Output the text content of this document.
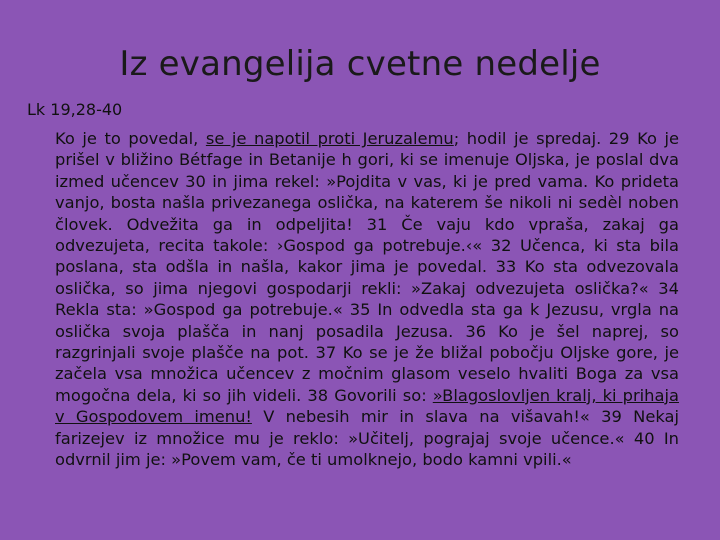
Iz evangelija cvetne nedelje
Lk 19,28-40

Ko je to povedal, se je napotil proti Jeruzalemu; hodil je spredaj. 29 Ko je prišel v bližino Bétfage in Betanije h gori, ki se imenuje Oljska, je poslal dva izmed učencev 30 in jima rekel: »Pojdita v vas, ki je pred vama. Ko prideta vanjo, bosta našla privezanega oslička, na katerem še nikoli ni sedèl noben človek. Odvežita ga in odpeljita! 31 Če vaju kdo vpraša, zakaj ga odvezujeta, recita takole: ›Gospod ga potrebuje.‹« 32 Učenca, ki sta bila poslana, sta odšla in našla, kakor jima je povedal. 33 Ko sta odvezovala oslička, so jima njegovi gospodarji rekli: »Zakaj odvezujeta oslička?« 34 Rekla sta: »Gospod ga potrebuje.« 35 In odvedla sta ga k Jezusu, vrgla na oslička svoja plašča in nanj posadila Jezusa. 36 Ko je šel naprej, so razgrinjali svoje plašče na pot. 37 Ko se je že bližal pobočju Oljske gore, je začela vsa množica učencev z močnim glasom veselo hvaliti Boga za vsa mogočna dela, ki so jih videli. 38 Govorili so: »Blagoslovljen kralj, ki prihaja v Gospodovem imenu! V nebesih mir in slava na višavah!« 39 Nekaj farizejev iz množice mu je reklo: »Učitelj, pograjaj svoje učence.« 40 In odvrnil jim je: »Povem vam, če ti umolknejo, bodo kamni vpili.«
